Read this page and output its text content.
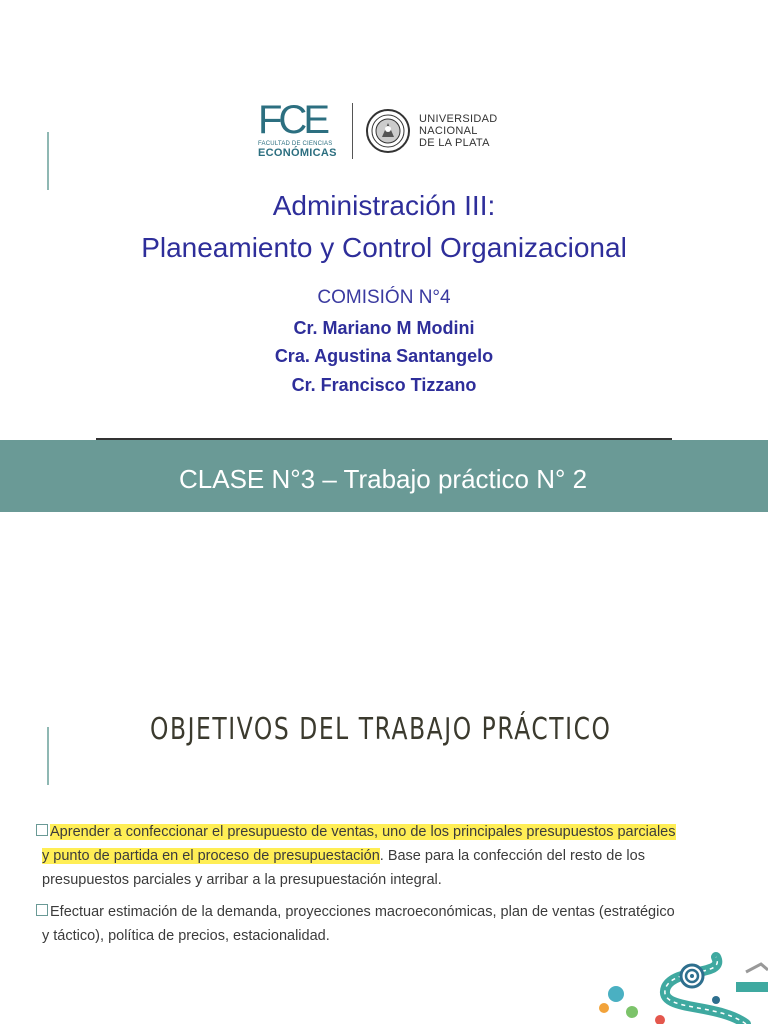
FCE
FACULTAD DE CIENCIAS
ECONÓMICAS
UNIVERSIDAD
NACIONAL
DE LA PLATA
Administración III:
Planeamiento y Control Organizacional
COMISIÓN N°4
Cr. Mariano M Modini
Cra. Agustina Santangelo
Cr. Francisco Tizzano
CLASE N°3 – Trabajo práctico N° 2
OBJETIVOS DEL TRABAJO PRÁCTICO
Aprender a confeccionar el presupuesto de ventas, uno de los principales presupuestos parciales
y punto de partida en el proceso de presupuestación. Base para la confección del resto de los
presupuestos parciales y arribar a la presupuestación integral.
Efectuar estimación de la demanda, proyecciones macroeconómicas, plan de ventas (estratégico
y táctico), política de precios, estacionalidad.
